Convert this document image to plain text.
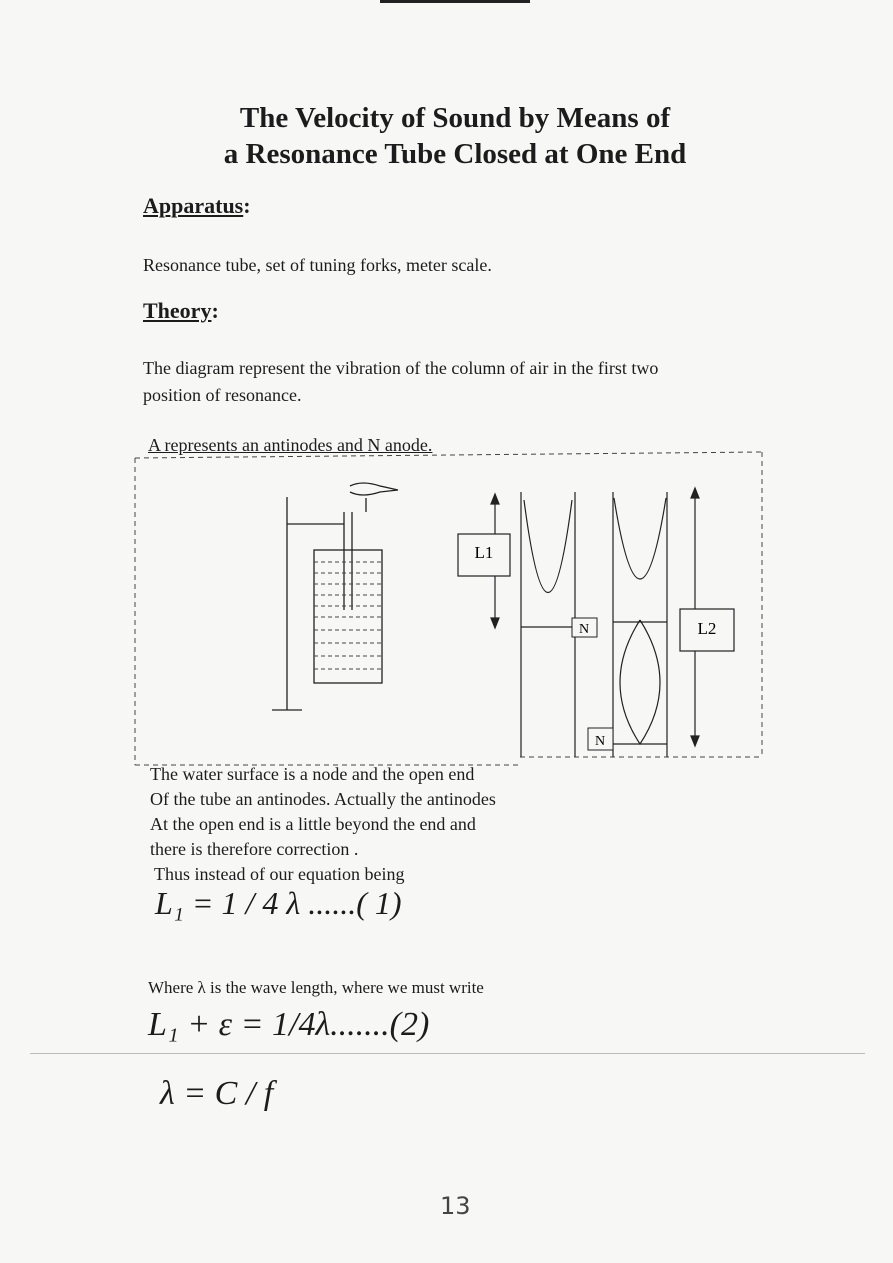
The Velocity of Sound by Means of
a Resonance Tube Closed at One End
Apparatus:
Resonance tube, set of tuning forks, meter scale.
Theory:
The diagram represent the vibration of the column of air in the first two
position of resonance.
A represents an antinodes and N anode.
L1
N
N
L2
The water surface is a node and the open end
Of the tube an antinodes. Actually the antinodes
At the open end is a little beyond the end and
there is therefore correction .
Thus instead of our equation being
L₁ = 1 / 4 λ ......( 1)
Where λ is the wave length, where we must write
L₁ + ε = 1/4λ.......(2)
λ = C / f
13
